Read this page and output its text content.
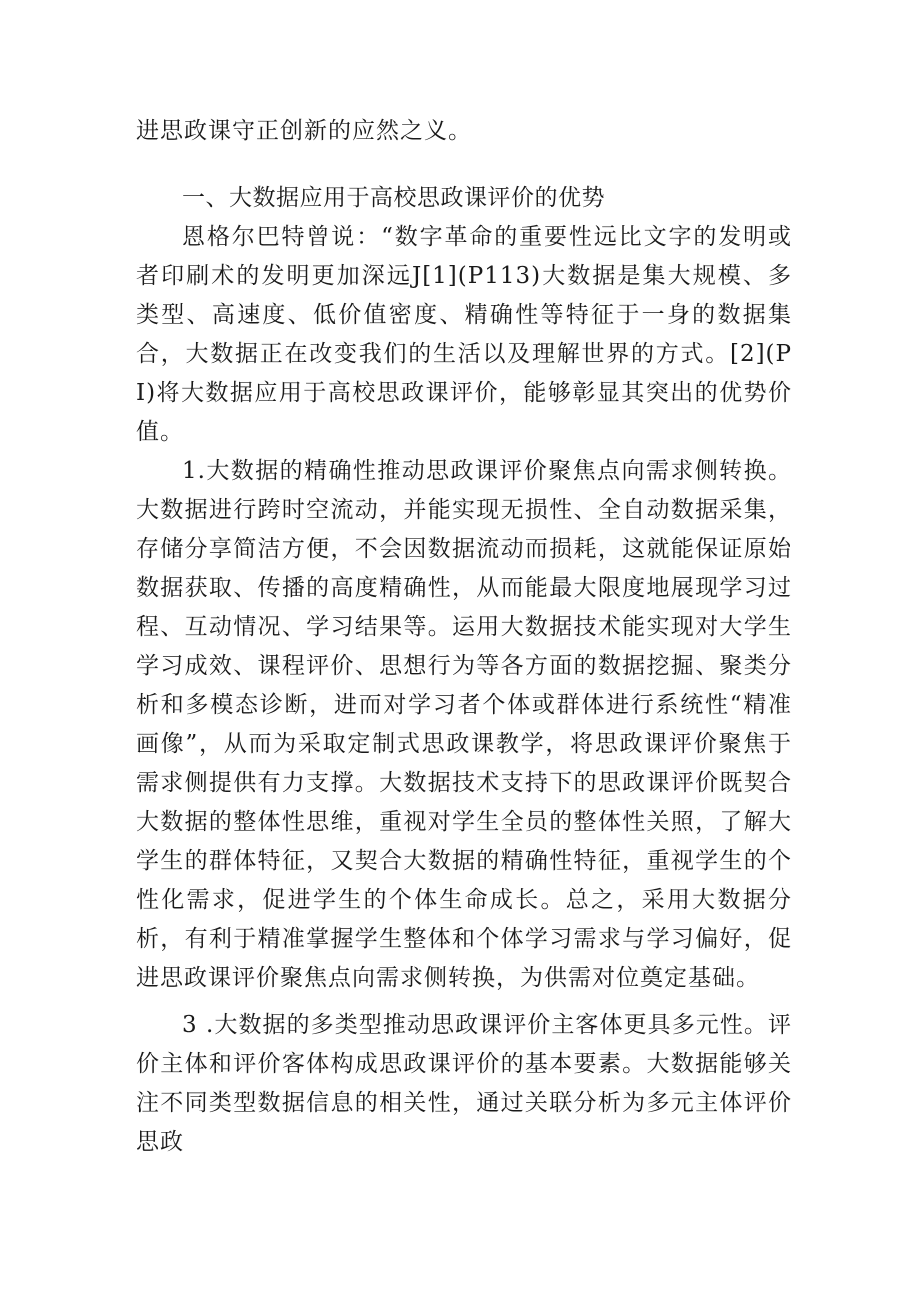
进思政课守正创新的应然之义。

一、大数据应用于高校思政课评价的优势

恩格尔巴特曾说：“数字革命的重要性远比文字的发明或者印刷术的发明更加深远J[1](P113)大数据是集大规模、多类型、高速度、低价值密度、精确性等特征于一身的数据集合，大数据正在改变我们的生活以及理解世界的方式。[2](PI)将大数据应用于高校思政课评价，能够彰显其突出的优势价值。

1.大数据的精确性推动思政课评价聚焦点向需求侧转换。大数据进行跨时空流动，并能实现无损性、全自动数据采集，存储分享简洁方便，不会因数据流动而损耗，这就能保证原始数据获取、传播的高度精确性，从而能最大限度地展现学习过程、互动情况、学习结果等。运用大数据技术能实现对大学生学习成效、课程评价、思想行为等各方面的数据挖掘、聚类分析和多模态诊断，进而对学习者个体或群体进行系统性“精准画像”，从而为采取定制式思政课教学，将思政课评价聚焦于需求侧提供有力支撑。大数据技术支持下的思政课评价既契合大数据的整体性思维，重视对学生全员的整体性关照，了解大学生的群体特征，又契合大数据的精确性特征，重视学生的个性化需求，促进学生的个体生命成长。总之，采用大数据分析，有利于精准掌握学生整体和个体学习需求与学习偏好，促进思政课评价聚焦点向需求侧转换，为供需对位奠定基础。

3 .大数据的多类型推动思政课评价主客体更具多元性。评价主体和评价客体构成思政课评价的基本要素。大数据能够关注不同类型数据信息的相关性，通过关联分析为多元主体评价思政
